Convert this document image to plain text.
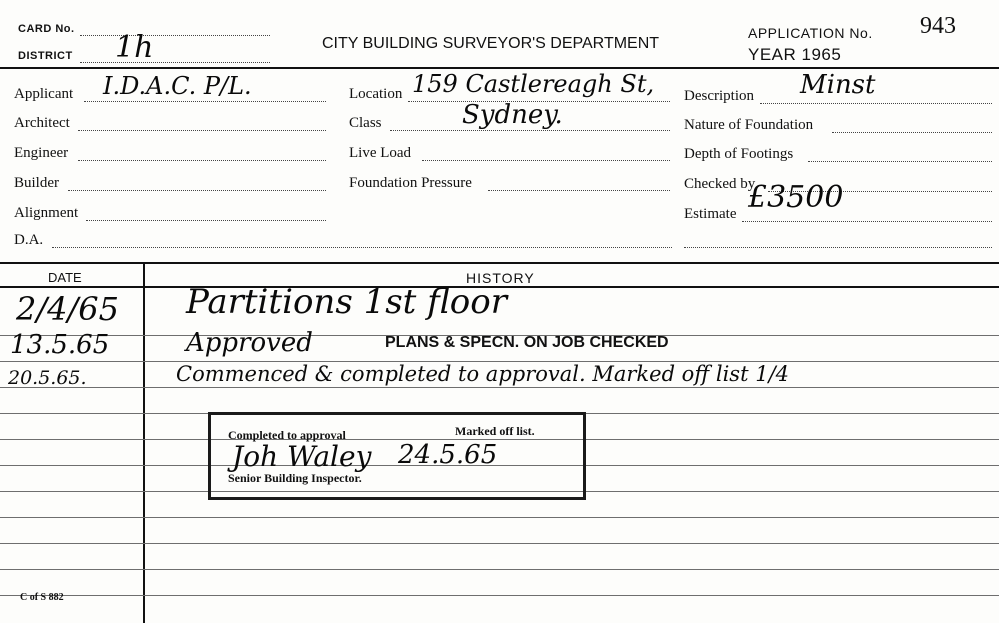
CARD No.
DISTRICT 1h	CITY BUILDING SURVEYOR'S DEPARTMENT
APPLICATION No. 943
YEAR 1965
Applicant I.D.A.C. P/L.
Architect
Engineer
Builder
Alignment
D.A.
Location 159 Castlereagh St,
Sydney.
Class
Live Load
Foundation Pressure
Description Minst
Nature of Foundation
Depth of Footings
Checked by
Estimate £3500
DATE	HISTORY
2/4/65 Partitions 1st floor
13.5.65	Approved	PLANS & SPECN. ON JOB CHECKED
20.5.65.	Commenced & completed to approval. Marked off list 1/4
Completed to approval	Marked off list.
Joh Waley 24.5.65
Senior Building Inspector.
C of S 882
